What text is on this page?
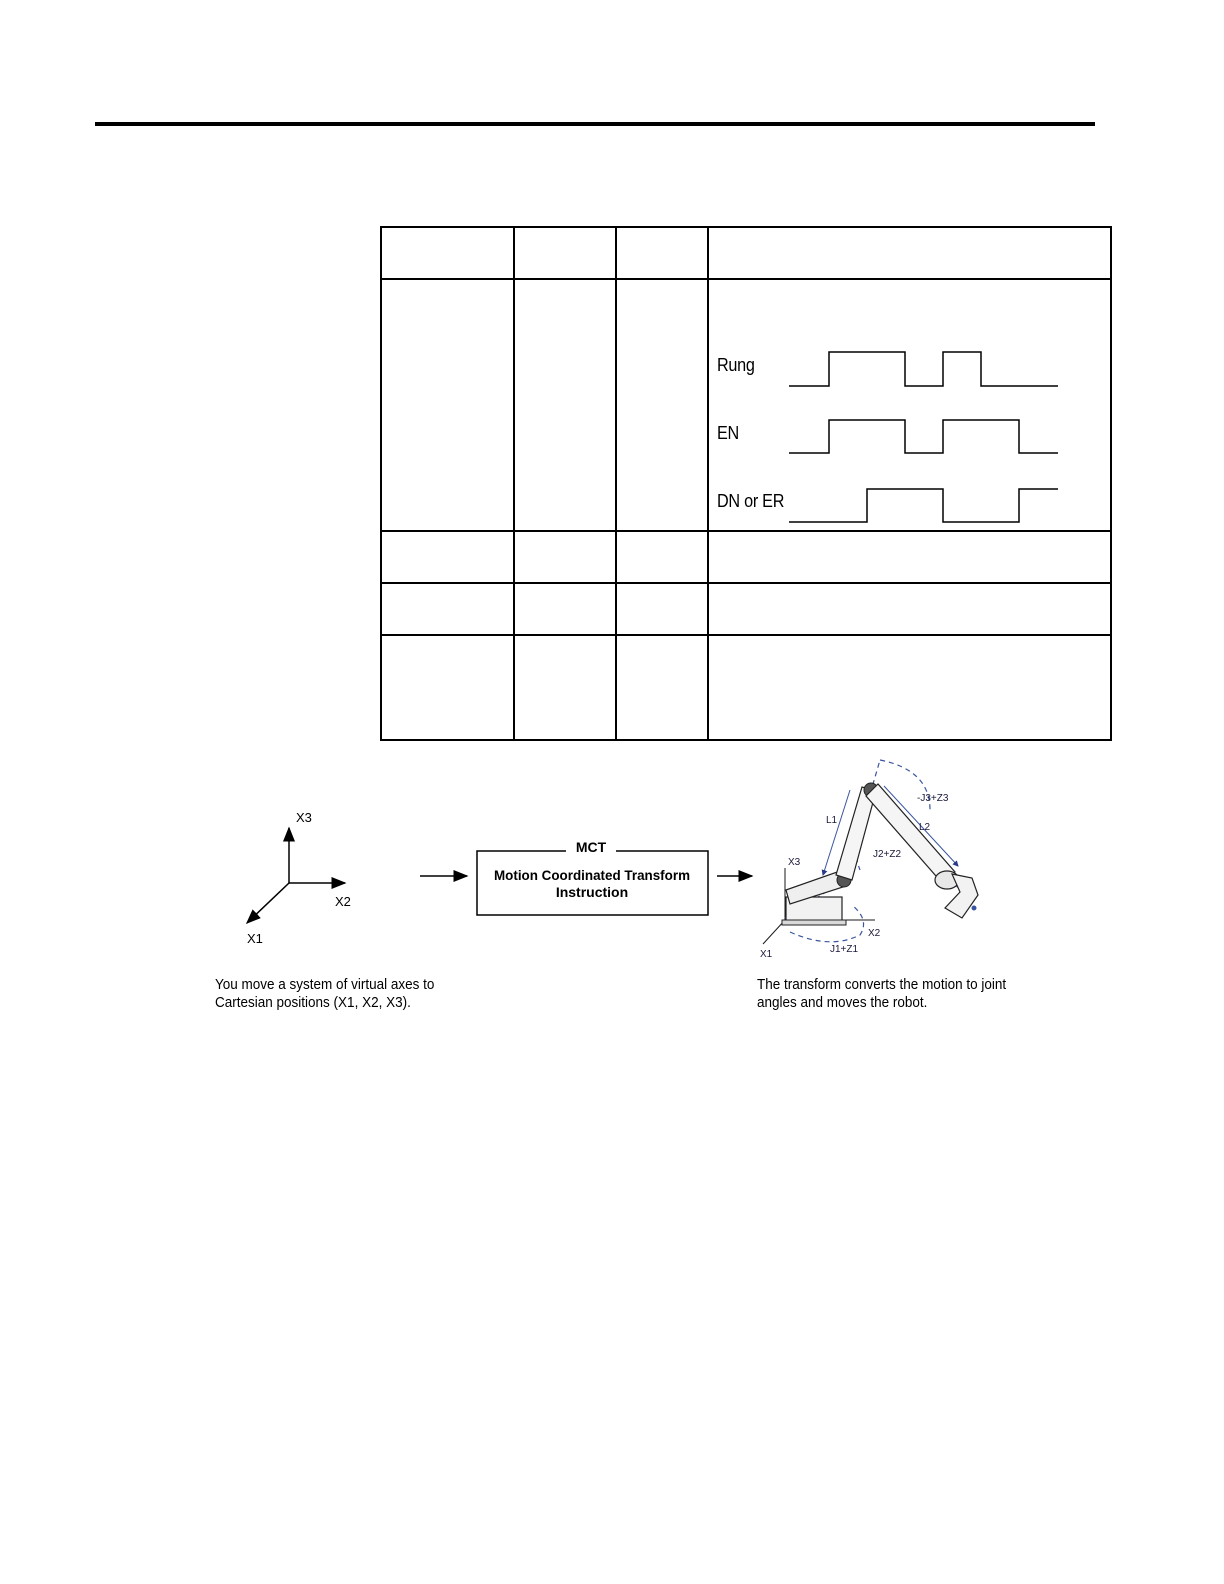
Rung
EN
DN or ER
X3
X2
X1
MCT
Motion Coordinated Transform
Instruction
X3
X2
X1
L1
L2
J1+Z1
J2+Z2
-J3+Z3
You move a system of virtual axes to
Cartesian positions (X1, X2, X3).
The transform converts the motion to joint
angles and moves the robot.
